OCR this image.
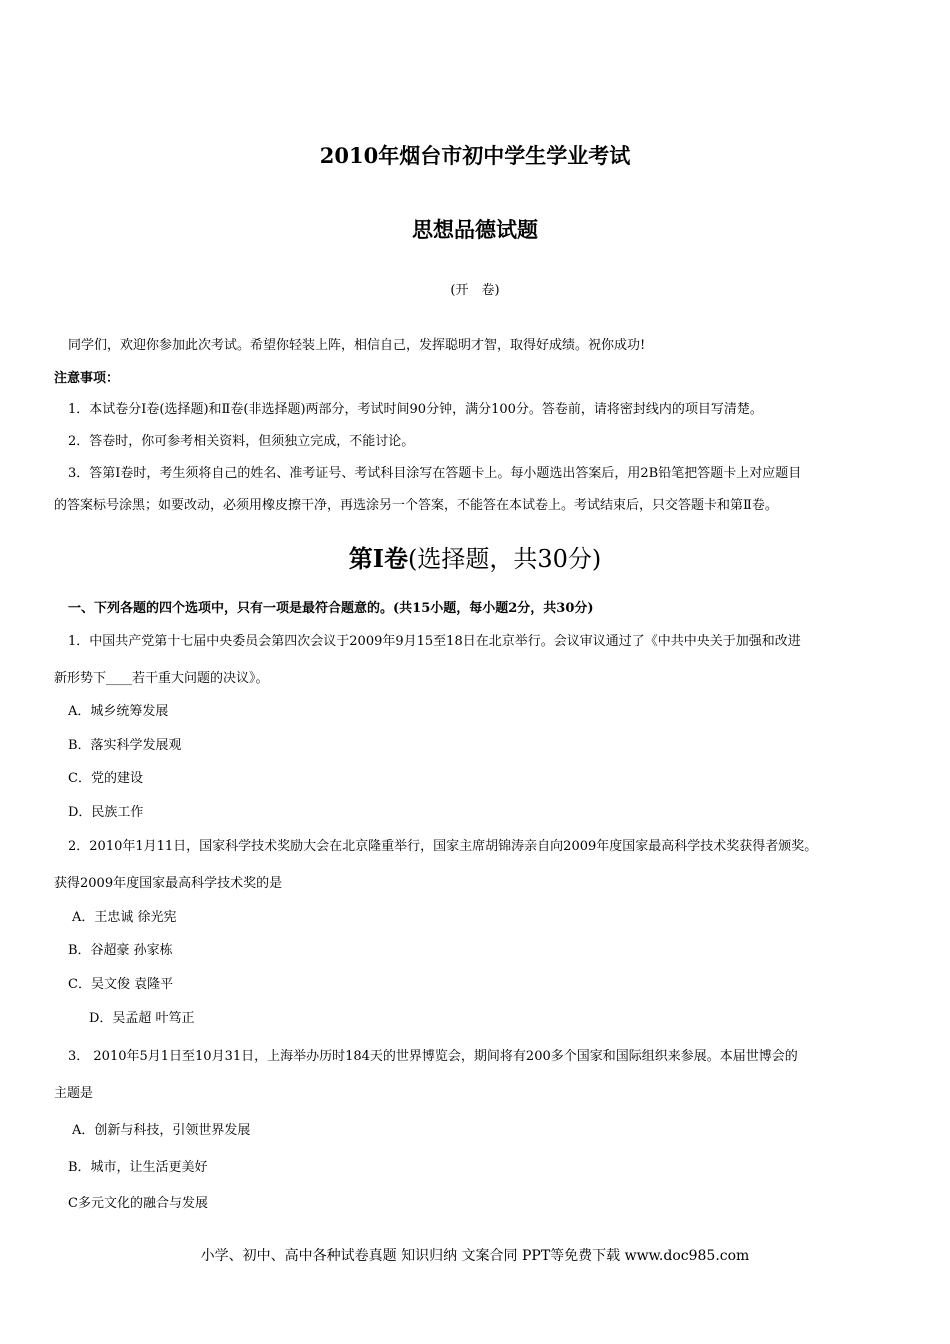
2010年烟台市初中学生学业考试
思想品德试题
(开　卷)
同学们，欢迎你参加此次考试。希望你轻装上阵，相信自己，发挥聪明才智，取得好成绩。祝你成功!
注意事项：
1．本试卷分Ⅰ卷(选择题)和Ⅱ卷(非选择题)两部分，考试时间90分钟，满分100分。答卷前，请将密封线内的项目写清楚。
2．答卷时，你可参考相关资料，但须独立完成，不能讨论。
3．答第Ⅰ卷时，考生须将自己的姓名、准考证号、考试科目涂写在答题卡上。每小题选出答案后，用2B铅笔把答题卡上对应题目
的答案标号涂黑；如要改动，必须用橡皮擦干净，再选涂另一个答案，不能答在本试卷上。考试结束后，只交答题卡和第Ⅱ卷。
第Ⅰ卷(选择题，共30分)
一、下列各题的四个选项中，只有一项是最符合题意的。(共15小题，每小题2分，共30分)
1．中国共产党第十七届中央委员会第四次会议于2009年9月15至18日在北京举行。会议审议通过了《中共中央关于加强和改进
新形势下____若干重大问题的决议》。
A．城乡统筹发展
B．落实科学发展观
C．党的建设
D．民族工作
2．2010年1月11日，国家科学技术奖励大会在北京隆重举行，国家主席胡锦涛亲自向2009年度国家最高科学技术奖获得者颁奖。
获得2009年度国家最高科学技术奖的是
A．王忠诚 徐光宪
B．谷超豪 孙家栋
C．吴文俊 袁隆平
D．吴孟超 叶笃正
3． 2010年5月1日至10月31日，上海举办历时184天的世界博览会，期间将有200多个国家和国际组织来参展。本届世博会的
主题是
A．创新与科技，引领世界发展
B．城市，让生活更美好
C多元文化的融合与发展
小学、初中、高中各种试卷真题 知识归纳 文案合同 PPT等免费下载 www.doc985.com
